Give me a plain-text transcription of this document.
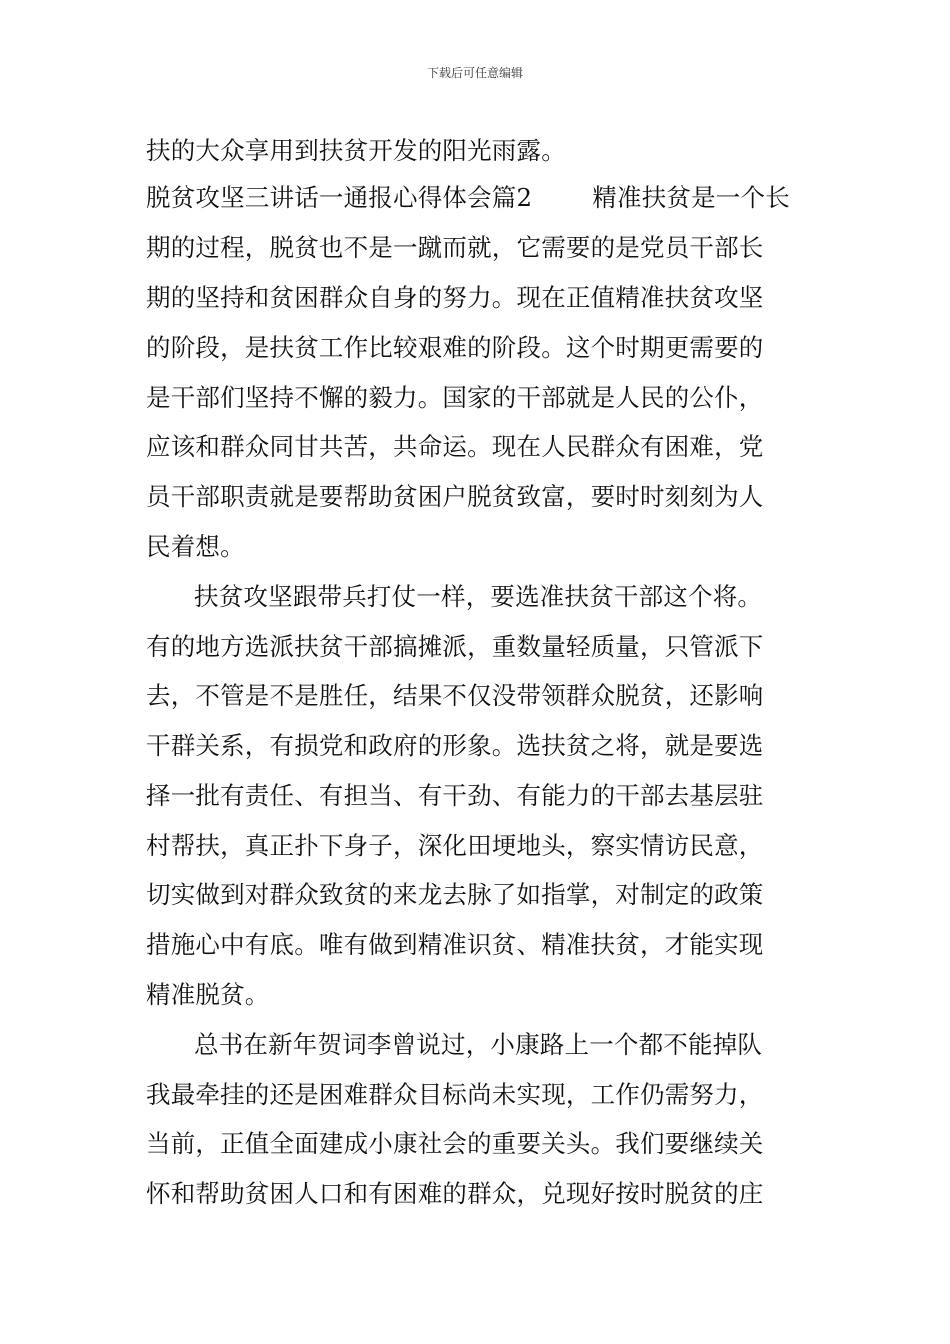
下载后可任意编辑
扶的大众享用到扶贫开发的阳光雨露。
脱贫攻坚三讲话一通报心得体会篇2 精准扶贫是一个长
期的过程，脱贫也不是一蹴而就，它需要的是党员干部长
期的坚持和贫困群众自身的努力。现在正值精准扶贫攻坚
的阶段，是扶贫工作比较艰难的阶段。这个时期更需要的
是干部们坚持不懈的毅力。国家的干部就是人民的公仆，
应该和群众同甘共苦，共命运。现在人民群众有困难，党
员干部职责就是要帮助贫困户脱贫致富，要时时刻刻为人
民着想。
扶贫攻坚跟带兵打仗一样，要选准扶贫干部这个将。
有的地方选派扶贫干部搞摊派，重数量轻质量，只管派下
去，不管是不是胜任，结果不仅没带领群众脱贫，还影响
干群关系，有损党和政府的形象。选扶贫之将，就是要选
择一批有责任、有担当、有干劲、有能力的干部去基层驻
村帮扶，真正扑下身子，深化田埂地头，察实情访民意，
切实做到对群众致贫的来龙去脉了如指掌，对制定的政策
措施心中有底。唯有做到精准识贫、精准扶贫，才能实现
精准脱贫。
总书在新年贺词李曾说过，小康路上一个都不能掉队
我最牵挂的还是困难群众目标尚未实现，工作仍需努力，
当前，正值全面建成小康社会的重要关头。我们要继续关
怀和帮助贫困人口和有困难的群众，兑现好按时脱贫的庄
